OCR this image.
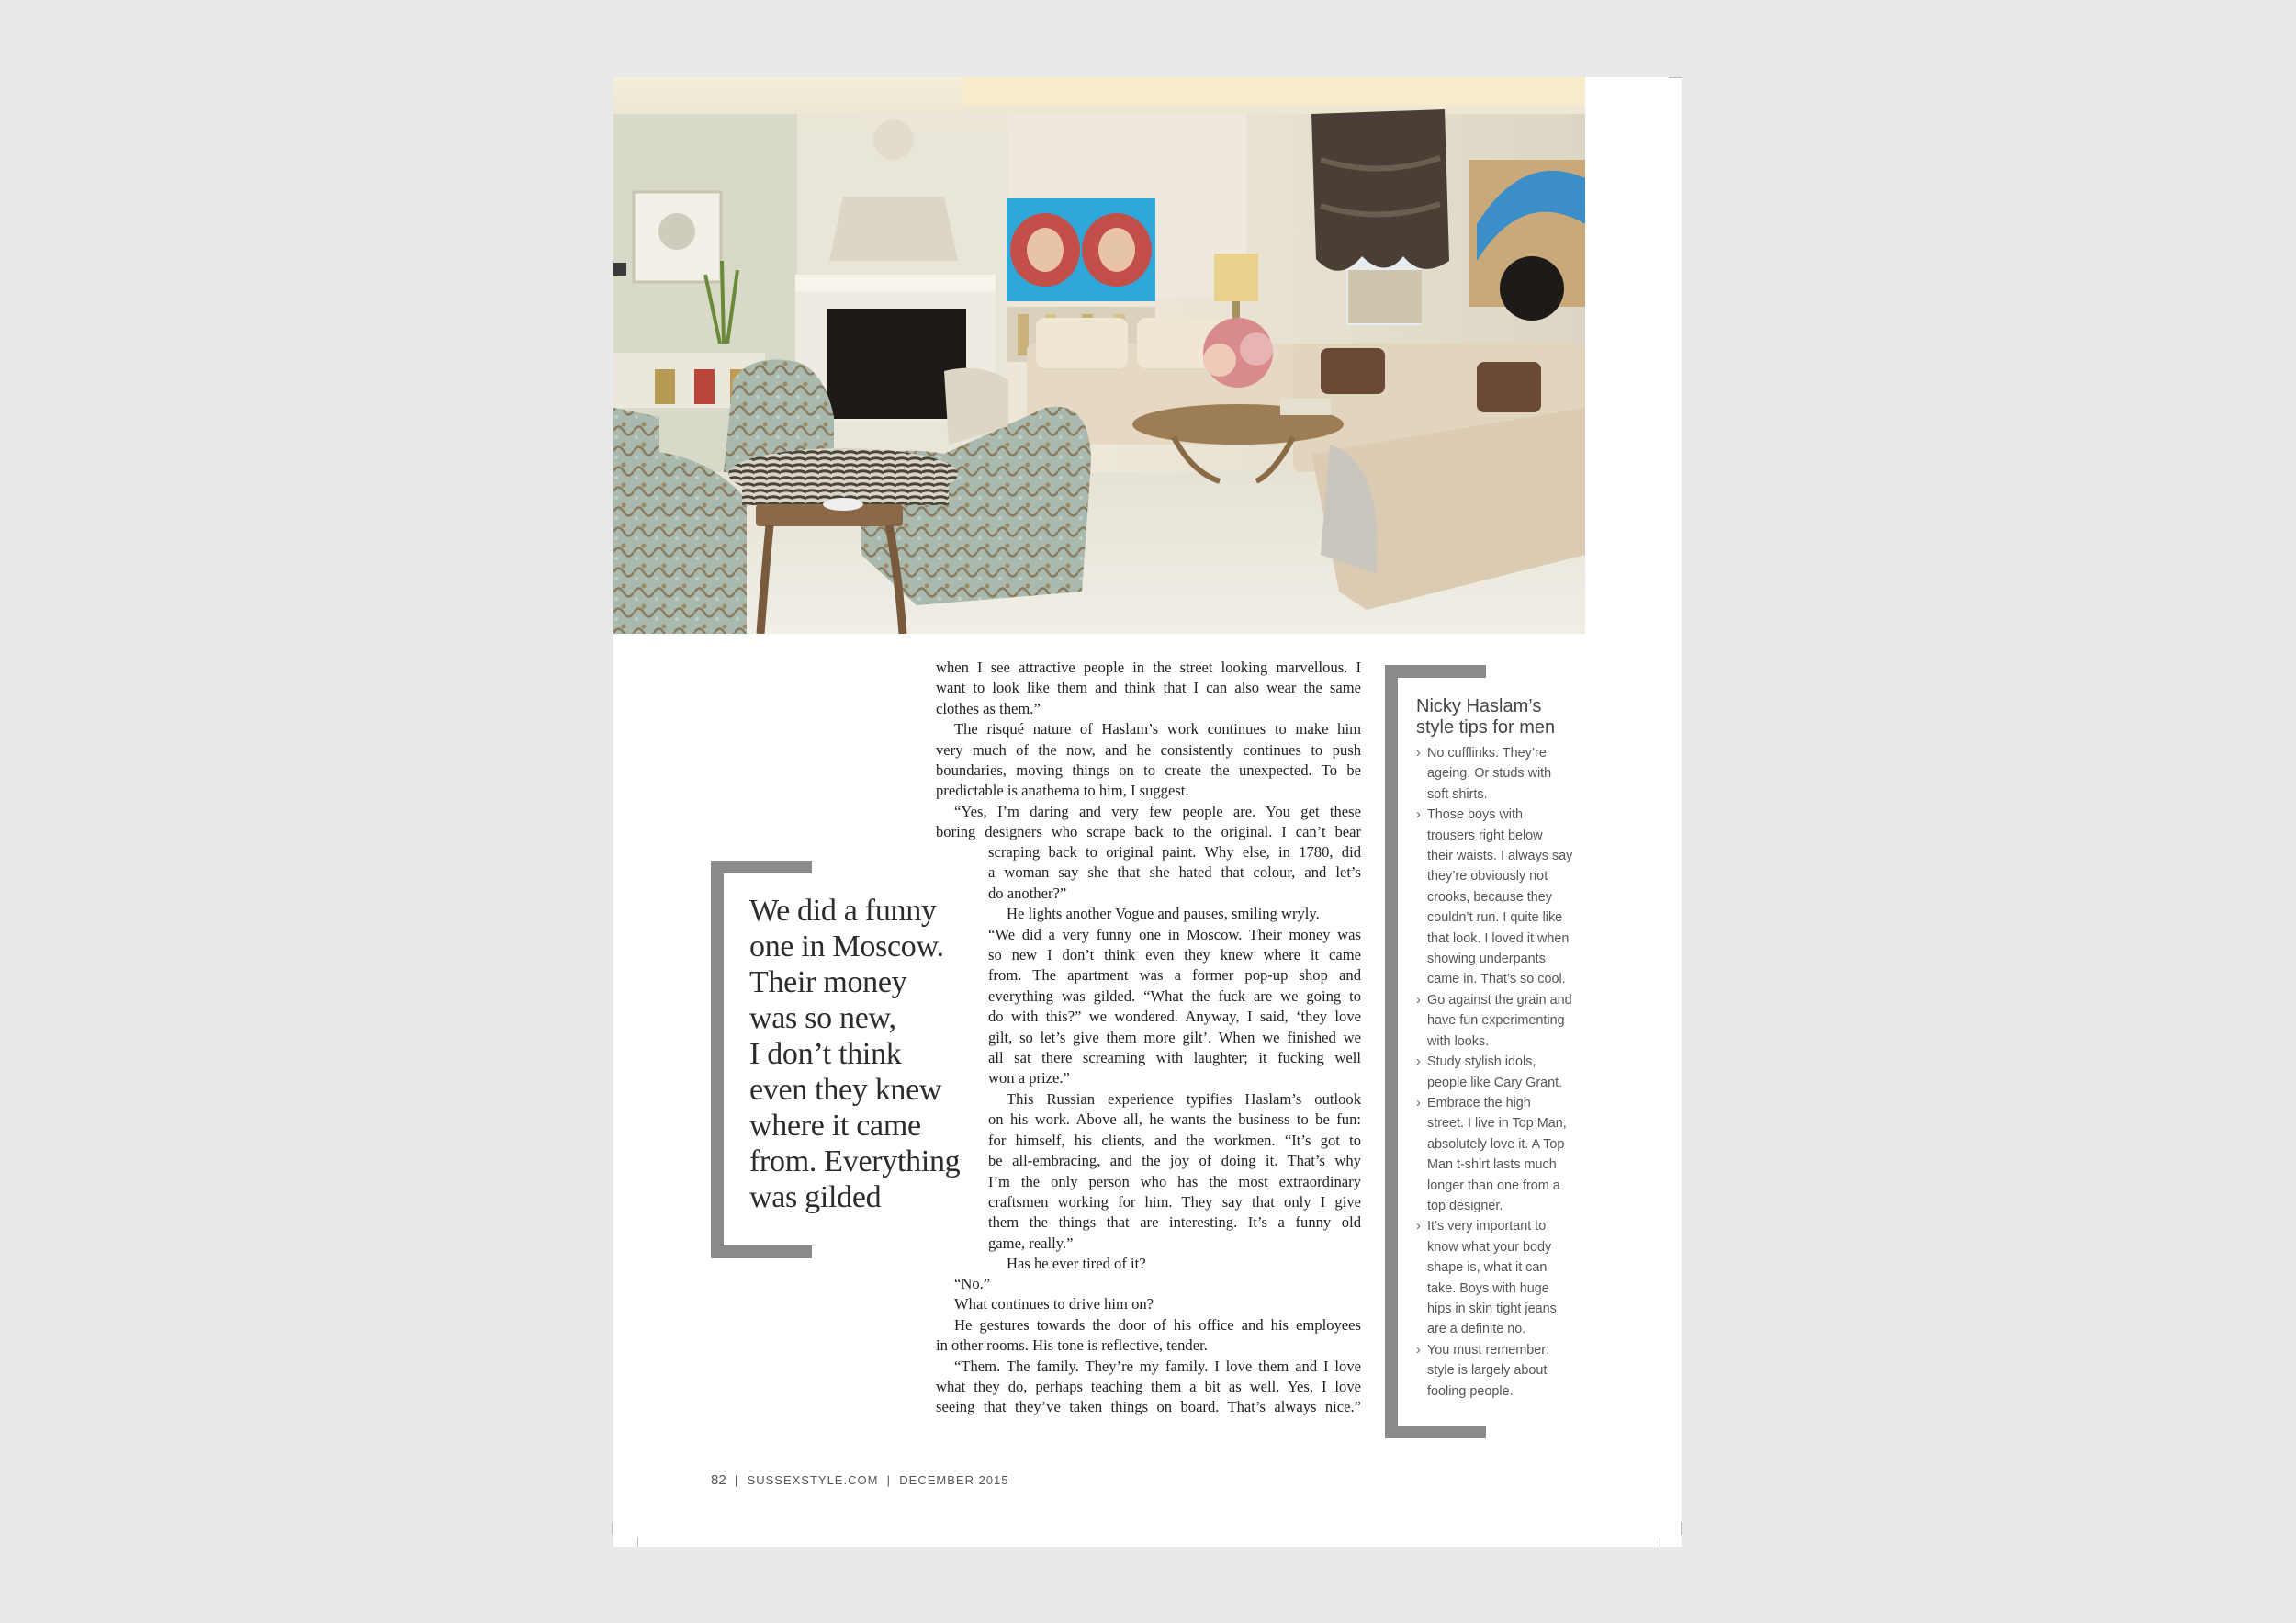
We did a funny
one in Moscow.
Their money
was so new,
I don’t think
even they knew
where it came
from. Everything
was gilded
when I see attractive people in the street looking marvellous. I
want to look like them and think that I can also wear the same
clothes as them.”
The risqué nature of Haslam’s work continues to make him
very much of the now, and he consistently continues to push
boundaries, moving things on to create the unexpected. To be
predictable is anathema to him, I suggest.
“Yes, I’m daring and very few people are. You get these
boring designers who scrape back to the original. I can’t bear
scraping back to original paint. Why else, in 1780, did
a woman say she that she hated that colour, and let’s
do another?”
He lights another Vogue and pauses, smiling wryly.
“We did a very funny one in Moscow. Their money was
so new I don’t think even they knew where it came
from. The apartment was a former pop-up shop and
everything was gilded. “What the fuck are we going to
do with this?” we wondered. Anyway, I said, ‘they love
gilt, so let’s give them more gilt’. When we finished we
all sat there screaming with laughter; it fucking well
won a prize.”
This Russian experience typifies Haslam’s outlook
on his work. Above all, he wants the business to be fun:
for himself, his clients, and the workmen. “It’s got to
be all-embracing, and the joy of doing it. That’s why
I’m the only person who has the most extraordinary
craftsmen working for him. They say that only I give
them the things that are interesting. It’s a funny old
game, really.”
Has he ever tired of it?
“No.”
What continues to drive him on?
He gestures towards the door of his office and his employees
in other rooms. His tone is reflective, tender.
“Them. The family. They’re my family. I love them and I love
what they do, perhaps teaching them a bit as well. Yes, I love
seeing that they’ve taken things on board. That’s always nice.”
Nicky Haslam’s
style tips for men
› No cufflinks. They’re
ageing. Or studs with
soft shirts.
› Those boys with
trousers right below
their waists. I always say
they’re obviously not
crooks, because they
couldn’t run. I quite like
that look. I loved it when
showing underpants
came in. That’s so cool.
› Go against the grain and
have fun experimenting
with looks.
› Study stylish idols,
people like Cary Grant.
› Embrace the high
street. I live in Top Man,
absolutely love it. A Top
Man t-shirt lasts much
longer than one from a
top designer.
› It’s very important to
know what your body
shape is, what it can
take. Boys with huge
hips in skin tight jeans
are a definite no.
› You must remember:
style is largely about
fooling people.
82 | SUSSEXSTYLE.COM | DECEMBER 2015
